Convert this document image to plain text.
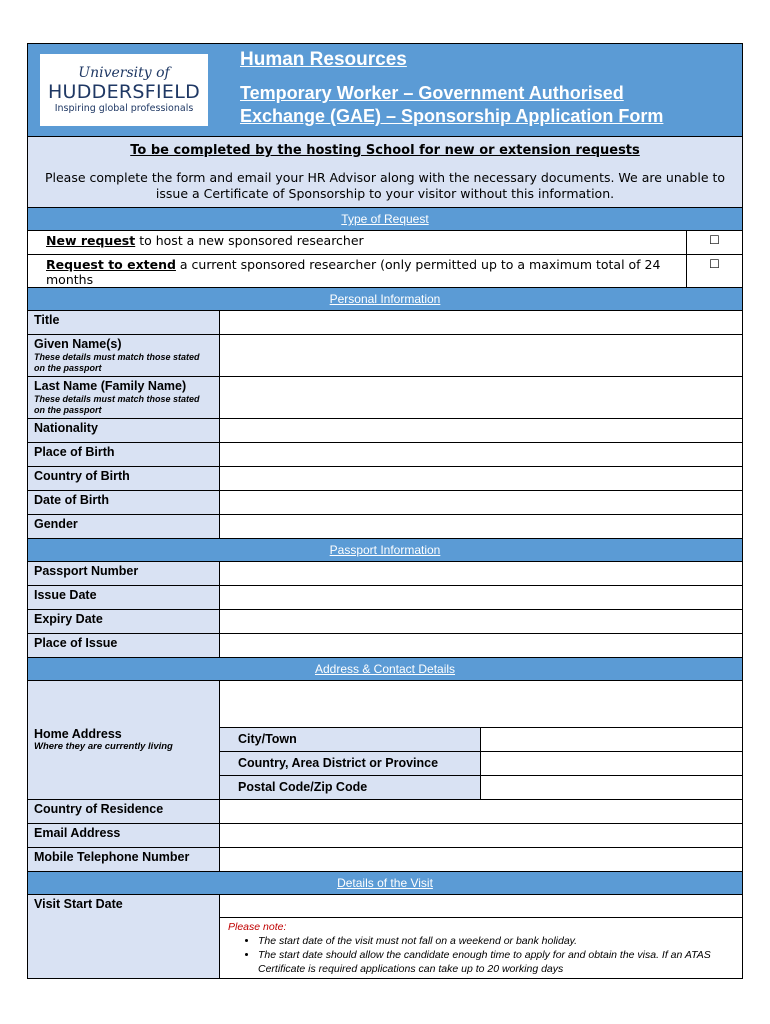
University of
HUDDERSFIELD
Inspiring global professionals
Human Resources
Temporary Worker – Government Authorised
Exchange (GAE) – Sponsorship Application Form
To be completed by the hosting School for new or extension requests
Please complete the form and email your HR Advisor along with the necessary documents. We are unable to issue a Certificate of Sponsorship to your visitor without this information.
Type of Request
New request to host a new sponsored researcher	☐
Request to extend a current sponsored researcher (only permitted up to a maximum total of 24 months
☐
Personal Information
Title
Given Name(s)
These details must match those stated on the passport
Last Name (Family Name)
These details must match those stated on the passport
Nationality
Place of Birth
Country of Birth
Date of Birth
Gender
Passport Information
Passport Number
Issue Date
Expiry Date
Place of Issue
Address & Contact Details
Home Address
Where they are currently living
City/Town
Country, Area District or Province
Postal Code/Zip Code
Country of Residence
Email Address
Mobile Telephone Number
Details of the Visit
Visit Start Date
Please note:
• The start date of the visit must not fall on a weekend or bank holiday.
• The start date should allow the candidate enough time to apply for and obtain the visa. If an ATAS Certificate is required applications can take up to 20 working days
